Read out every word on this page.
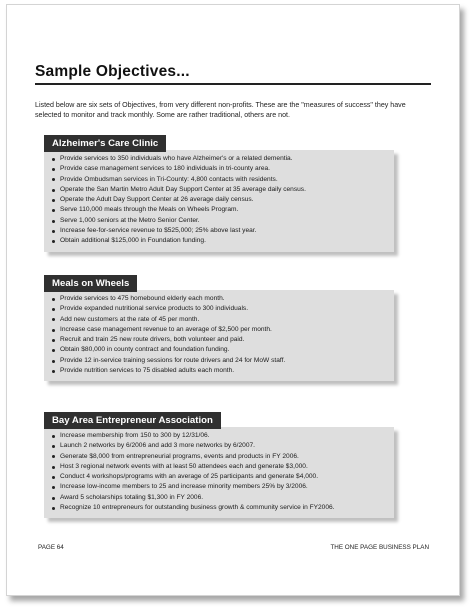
Sample Objectives...
Listed below are six sets of Objectives, from very different non-profits. These are the "measures of success" they have selected to monitor and track monthly. Some are rather traditional, others are not.
Alzheimer's Care Clinic
Provide services to 350 individuals who have Alzheimer's or a related dementia.
Provide case management services to 180 individuals in tri-county area.
Provide Ombudsman services in Tri-County: 4,800 contacts with residents.
Operate the San Martin Metro Adult Day Support Center at 35 average daily census.
Operate the Adult Day Support Center at 26 average daily census.
Serve 110,000 meals through the Meals on Wheels Program.
Serve 1,000 seniors at the Metro Senior Center.
Increase fee-for-service revenue to $525,000; 25% above last year.
Obtain additional $125,000 in Foundation funding.
Meals on Wheels
Provide services to 475 homebound elderly each month.
Provide expanded nutritional service products to 300 individuals.
Add new customers at the rate of 45 per month.
Increase case management revenue to an average of $2,500 per month.
Recruit and train 25 new route drivers, both volunteer and paid.
Obtain $80,000 in county contract and foundation funding.
Provide 12 in-service training sessions for route drivers and 24 for MoW staff.
Provide nutrition services to 75 disabled adults each month.
Bay Area Entrepreneur Association
Increase membership from 150 to 300 by 12/31/06.
Launch 2 networks by 6/2006 and add 3 more networks by 6/2007.
Generate $8,000 from entrepreneurial programs, events and products in FY 2006.
Host 3 regional network events with at least 50 attendees each and generate $3,000.
Conduct 4 workshops/programs with an average of 25 participants and generate $4,000.
Increase low-income members to 25 and increase minority members 25% by 3/2006.
Award 5 scholarships totaling $1,300 in FY 2006.
Recognize 10 entrepreneurs for outstanding business growth & community service in FY2006.
PAGE 64	THE ONE PAGE BUSINESS PLAN
